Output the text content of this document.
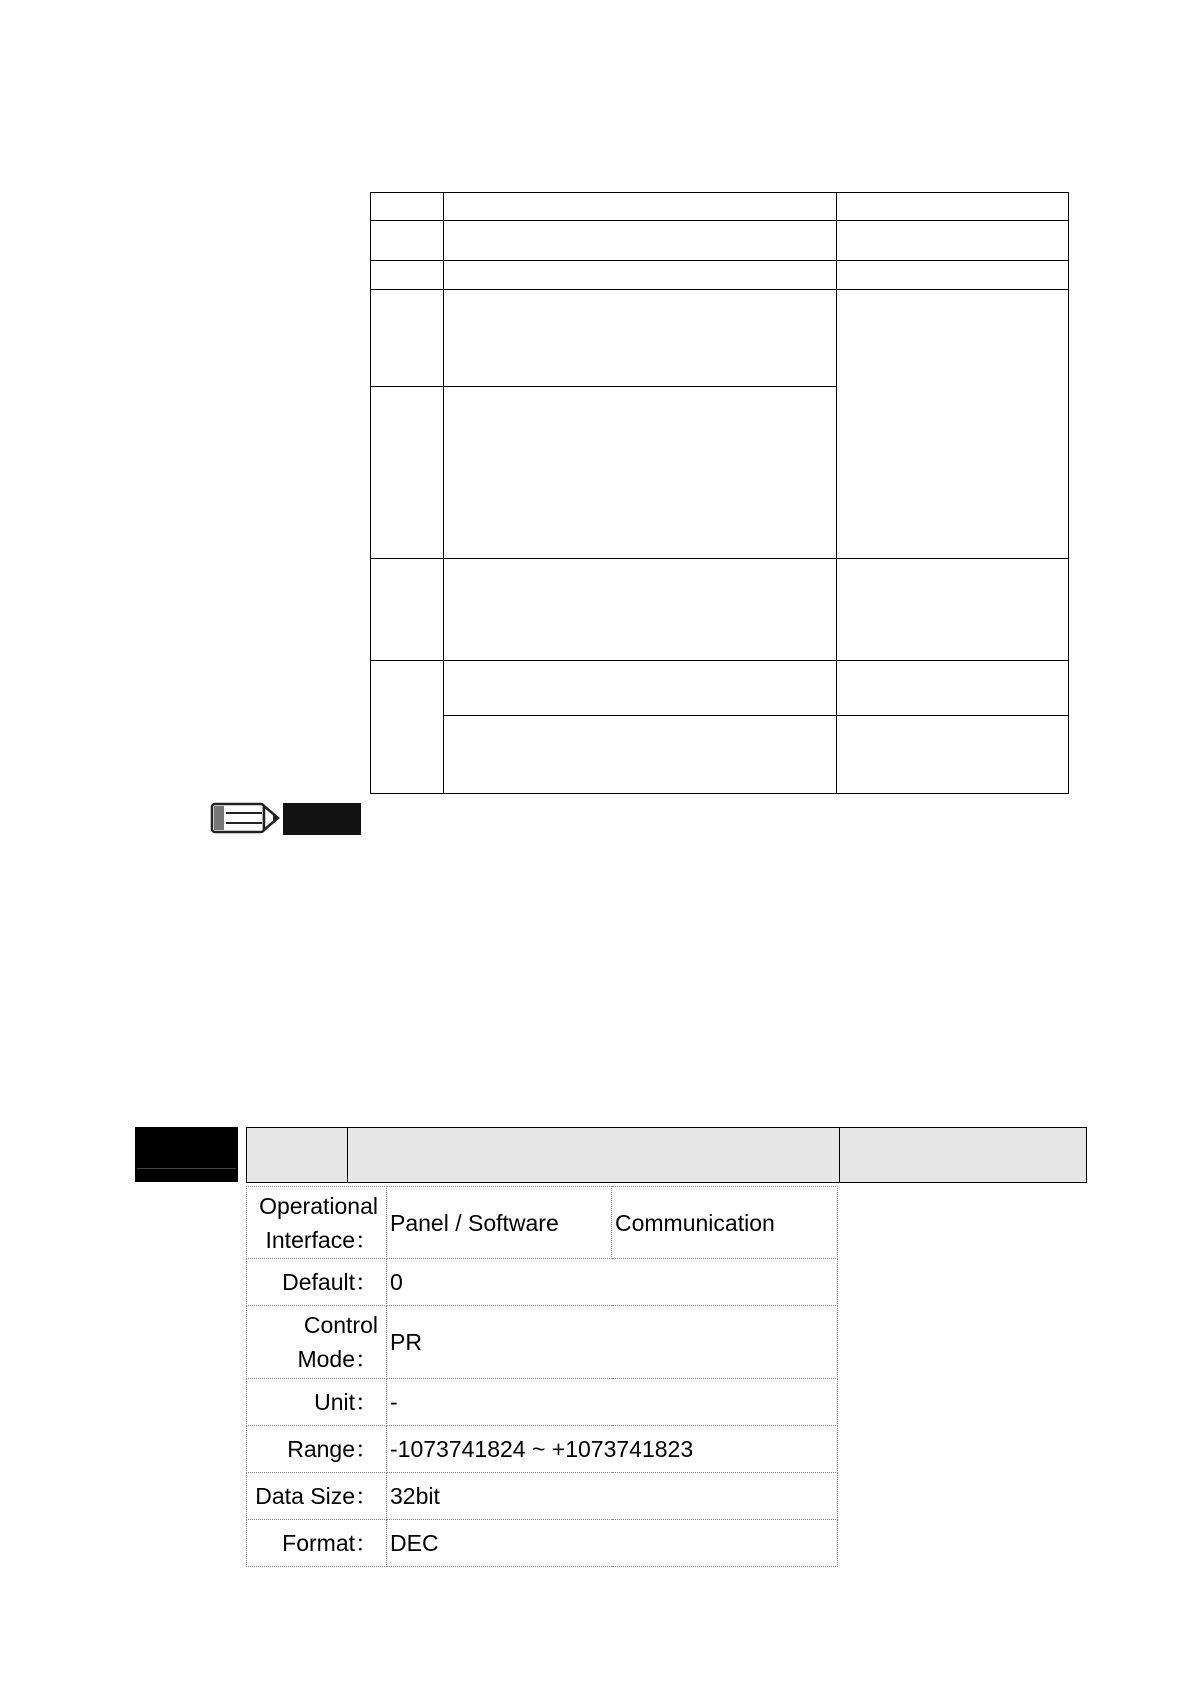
Operational Interface：	Panel / Software	Communication
Default：	0	
Control Mode：	PR	
Unit：	-	
Range：	-1073741824 ~ +1073741823	
Data Size：	32bit	
Format：	DEC	
